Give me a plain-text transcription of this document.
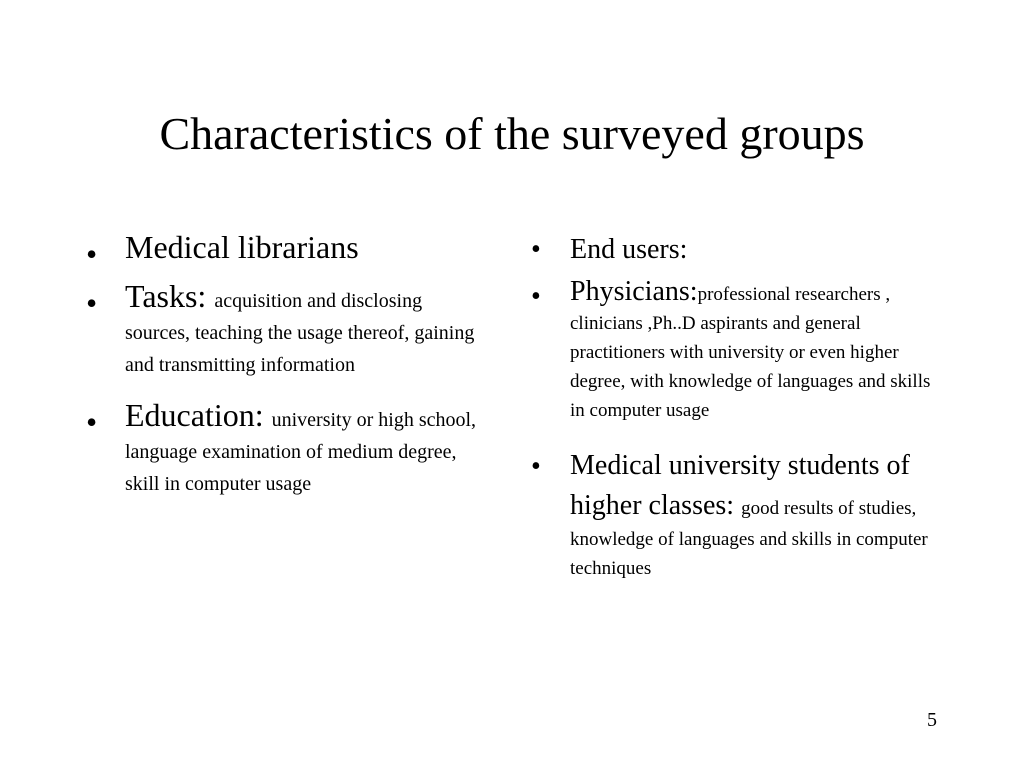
Characteristics of the surveyed groups
• Medical librarians
• Tasks: acquisition and disclosing sources, teaching the usage thereof, gaining and transmitting information
• Education: university or high school, language examination of medium degree, skill in computer usage
• End users:
• Physicians:professional researchers , clinicians ,Ph..D aspirants and general practitioners with university or even higher degree, with knowledge of languages and skills in computer usage
• Medical university students of higher classes: good results of studies, knowledge of languages and skills in computer techniques
5
